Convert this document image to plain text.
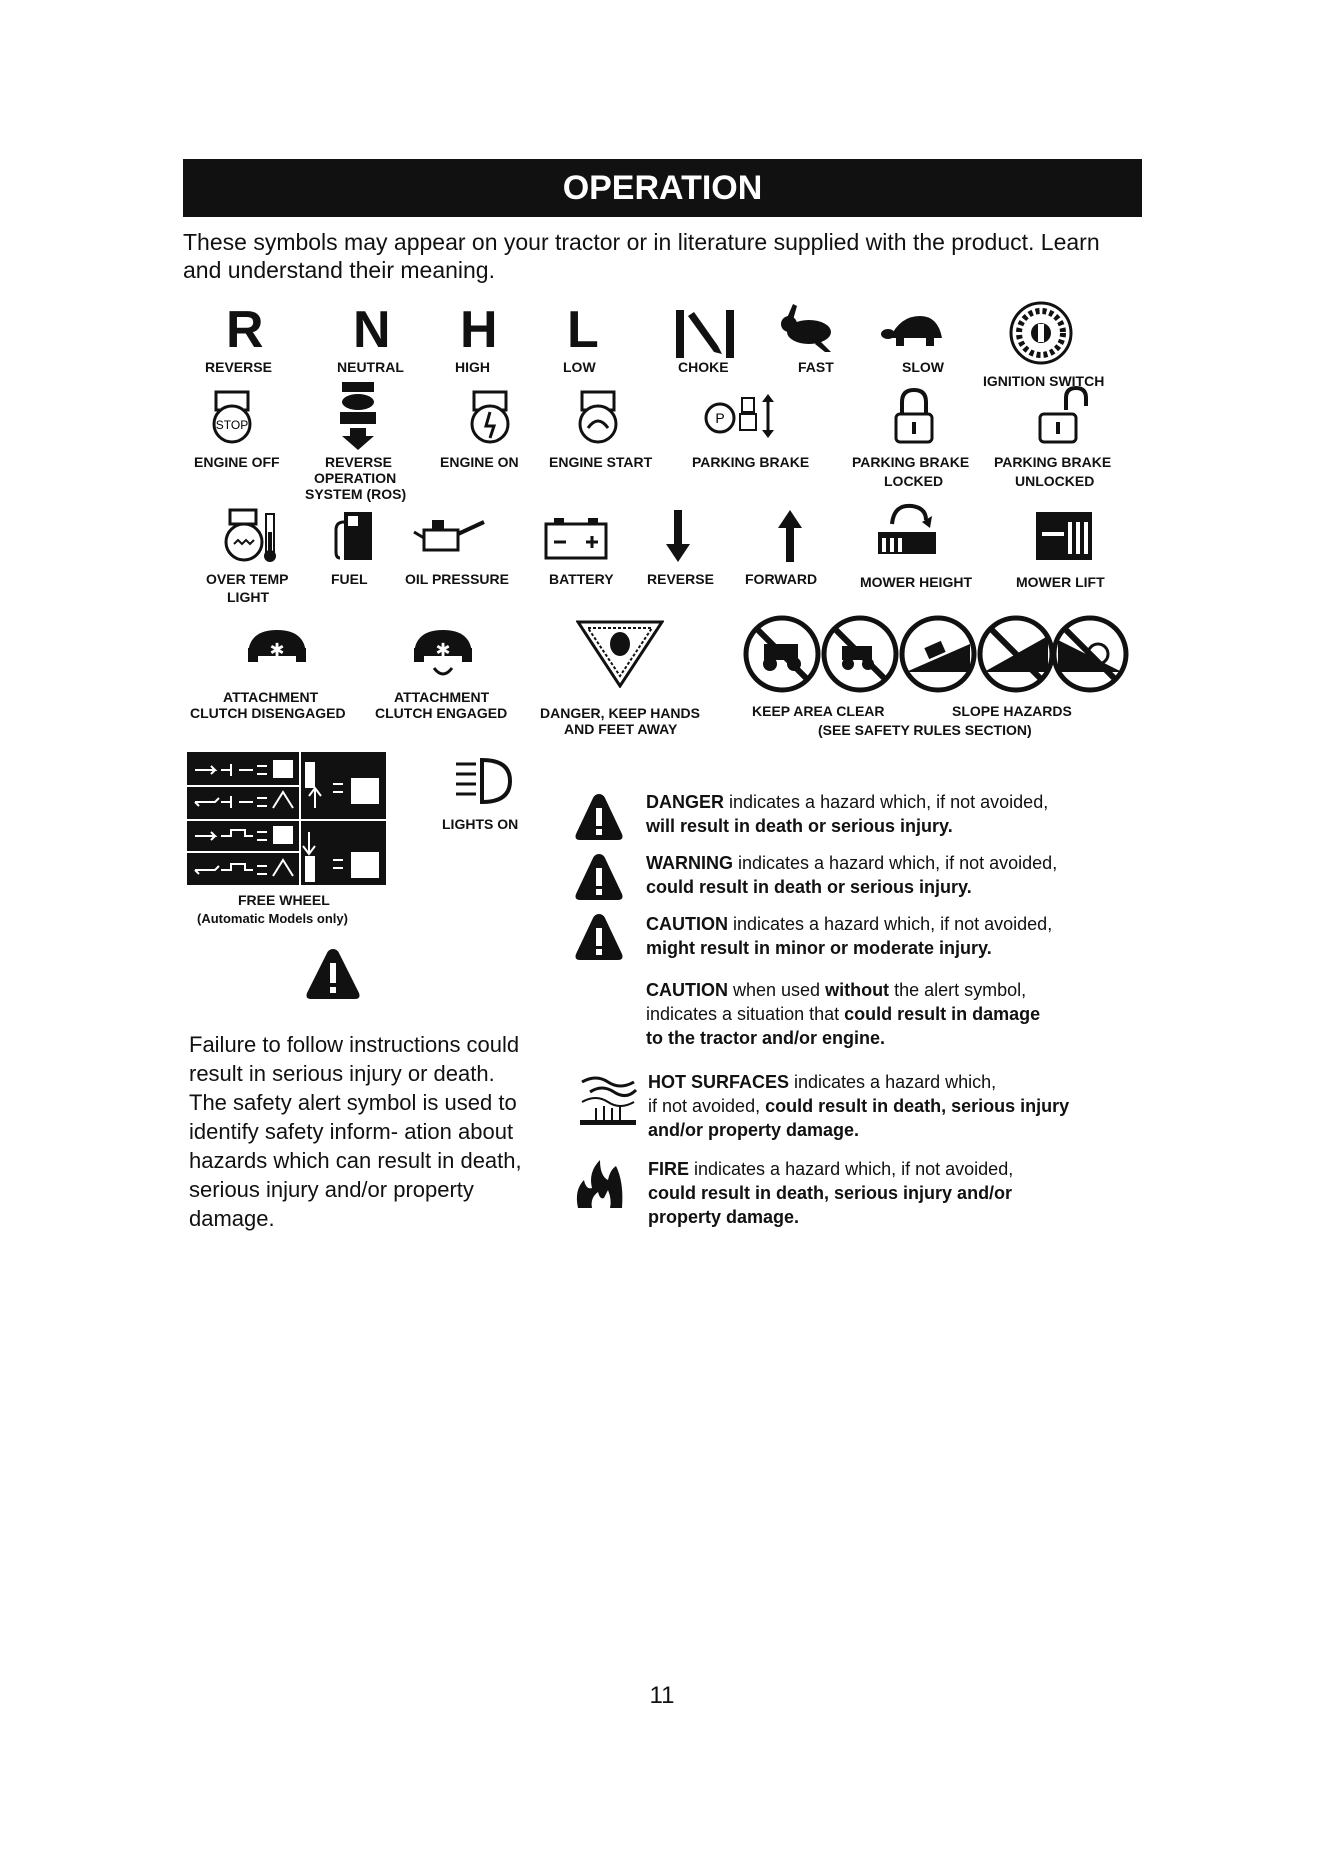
OPERATION
These symbols may appear on your tractor or in literature supplied with the product. Learn and understand their meaning.
R N H L
REVERSE	NEUTRAL	HIGH	LOW	CHOKE	FAST	SLOW
IGNITION SWITCH
STOP	P
ENGINE OFF	REVERSE
OPERATION
SYSTEM (ROS)
ENGINE ON ENGINE START	PARKING BRAKE	PARKING BRAKE
LOCKED
PARKING BRAKE
UNLOCKED
OVER TEMP
LIGHT
FUEL	OIL PRESSURE	BATTERY REVERSE FORWARD	MOWER HEIGHT	MOWER LIFT
✱	✱
ATTACHMENT
CLUTCH DISENGAGED
ATTACHMENT
CLUTCH ENGAGED DANGER, KEEP HANDS
AND FEET AWAY
KEEP AREA CLEAR	SLOPE HAZARDS
(SEE SAFETY RULES SECTION)
FREE WHEEL
(Automatic Models only)
LIGHTS ON
Failure to follow instructions could result in serious injury or death. The safety alert symbol is used to identify safety inform- ation about hazards which can result in death, serious injury and/or property damage.

DANGER indicates a hazard which, if not avoided,

will result in death or serious injury.

WARNING indicates a hazard which, if not avoided,

could result in death or serious injury.

CAUTION indicates a hazard which, if not avoided,

might result in minor or moderate injury.

CAUTION when used without the alert symbol,

indicates a situation that could result in damage

to the tractor and/or engine.

HOT SURFACES indicates a hazard which,

if not avoided, could result in death, serious injury

and/or property damage.

FIRE indicates a hazard which, if not avoided,

could result in death, serious injury and/or

property damage.

11
